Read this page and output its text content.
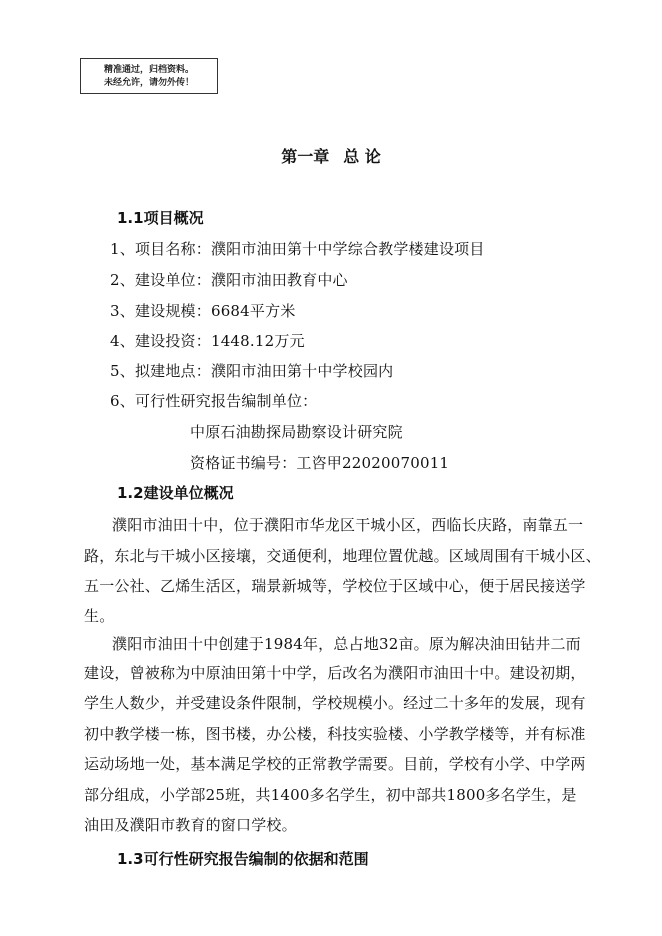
精准通过，归档资料。
未经允许，请勿外传！
第一章 总 论
1.1项目概况
1、项目名称：濮阳市油田第十中学综合教学楼建设项目
2、建设单位：濮阳市油田教育中心
3、建设规模：6684平方米
4、建设投资：1448.12万元
5、拟建地点：濮阳市油田第十中学校园内
6、可行性研究报告编制单位：
中原石油勘探局勘察设计研究院
资格证书编号：工咨甲22020070011
1.2建设单位概况
濮阳市油田十中，位于濮阳市华龙区干城小区，西临长庆路，南靠五一
路，东北与干城小区接壤，交通便利，地理位置优越。区域周围有干城小区、
五一公社、乙烯生活区，瑞景新城等，学校位于区域中心，便于居民接送学
生。
濮阳市油田十中创建于1984年，总占地32亩。原为解决油田钻井二而
建设，曾被称为中原油田第十中学，后改名为濮阳市油田十中。建设初期，
学生人数少，并受建设条件限制，学校规模小。经过二十多年的发展，现有
初中教学楼一栋，图书楼，办公楼，科技实验楼、小学教学楼等，并有标准
运动场地一处，基本满足学校的正常教学需要。目前，学校有小学、中学两
部分组成，小学部25班，共1400多名学生，初中部共1800多名学生，是
油田及濮阳市教育的窗口学校。
1.3可行性研究报告编制的依据和范围
